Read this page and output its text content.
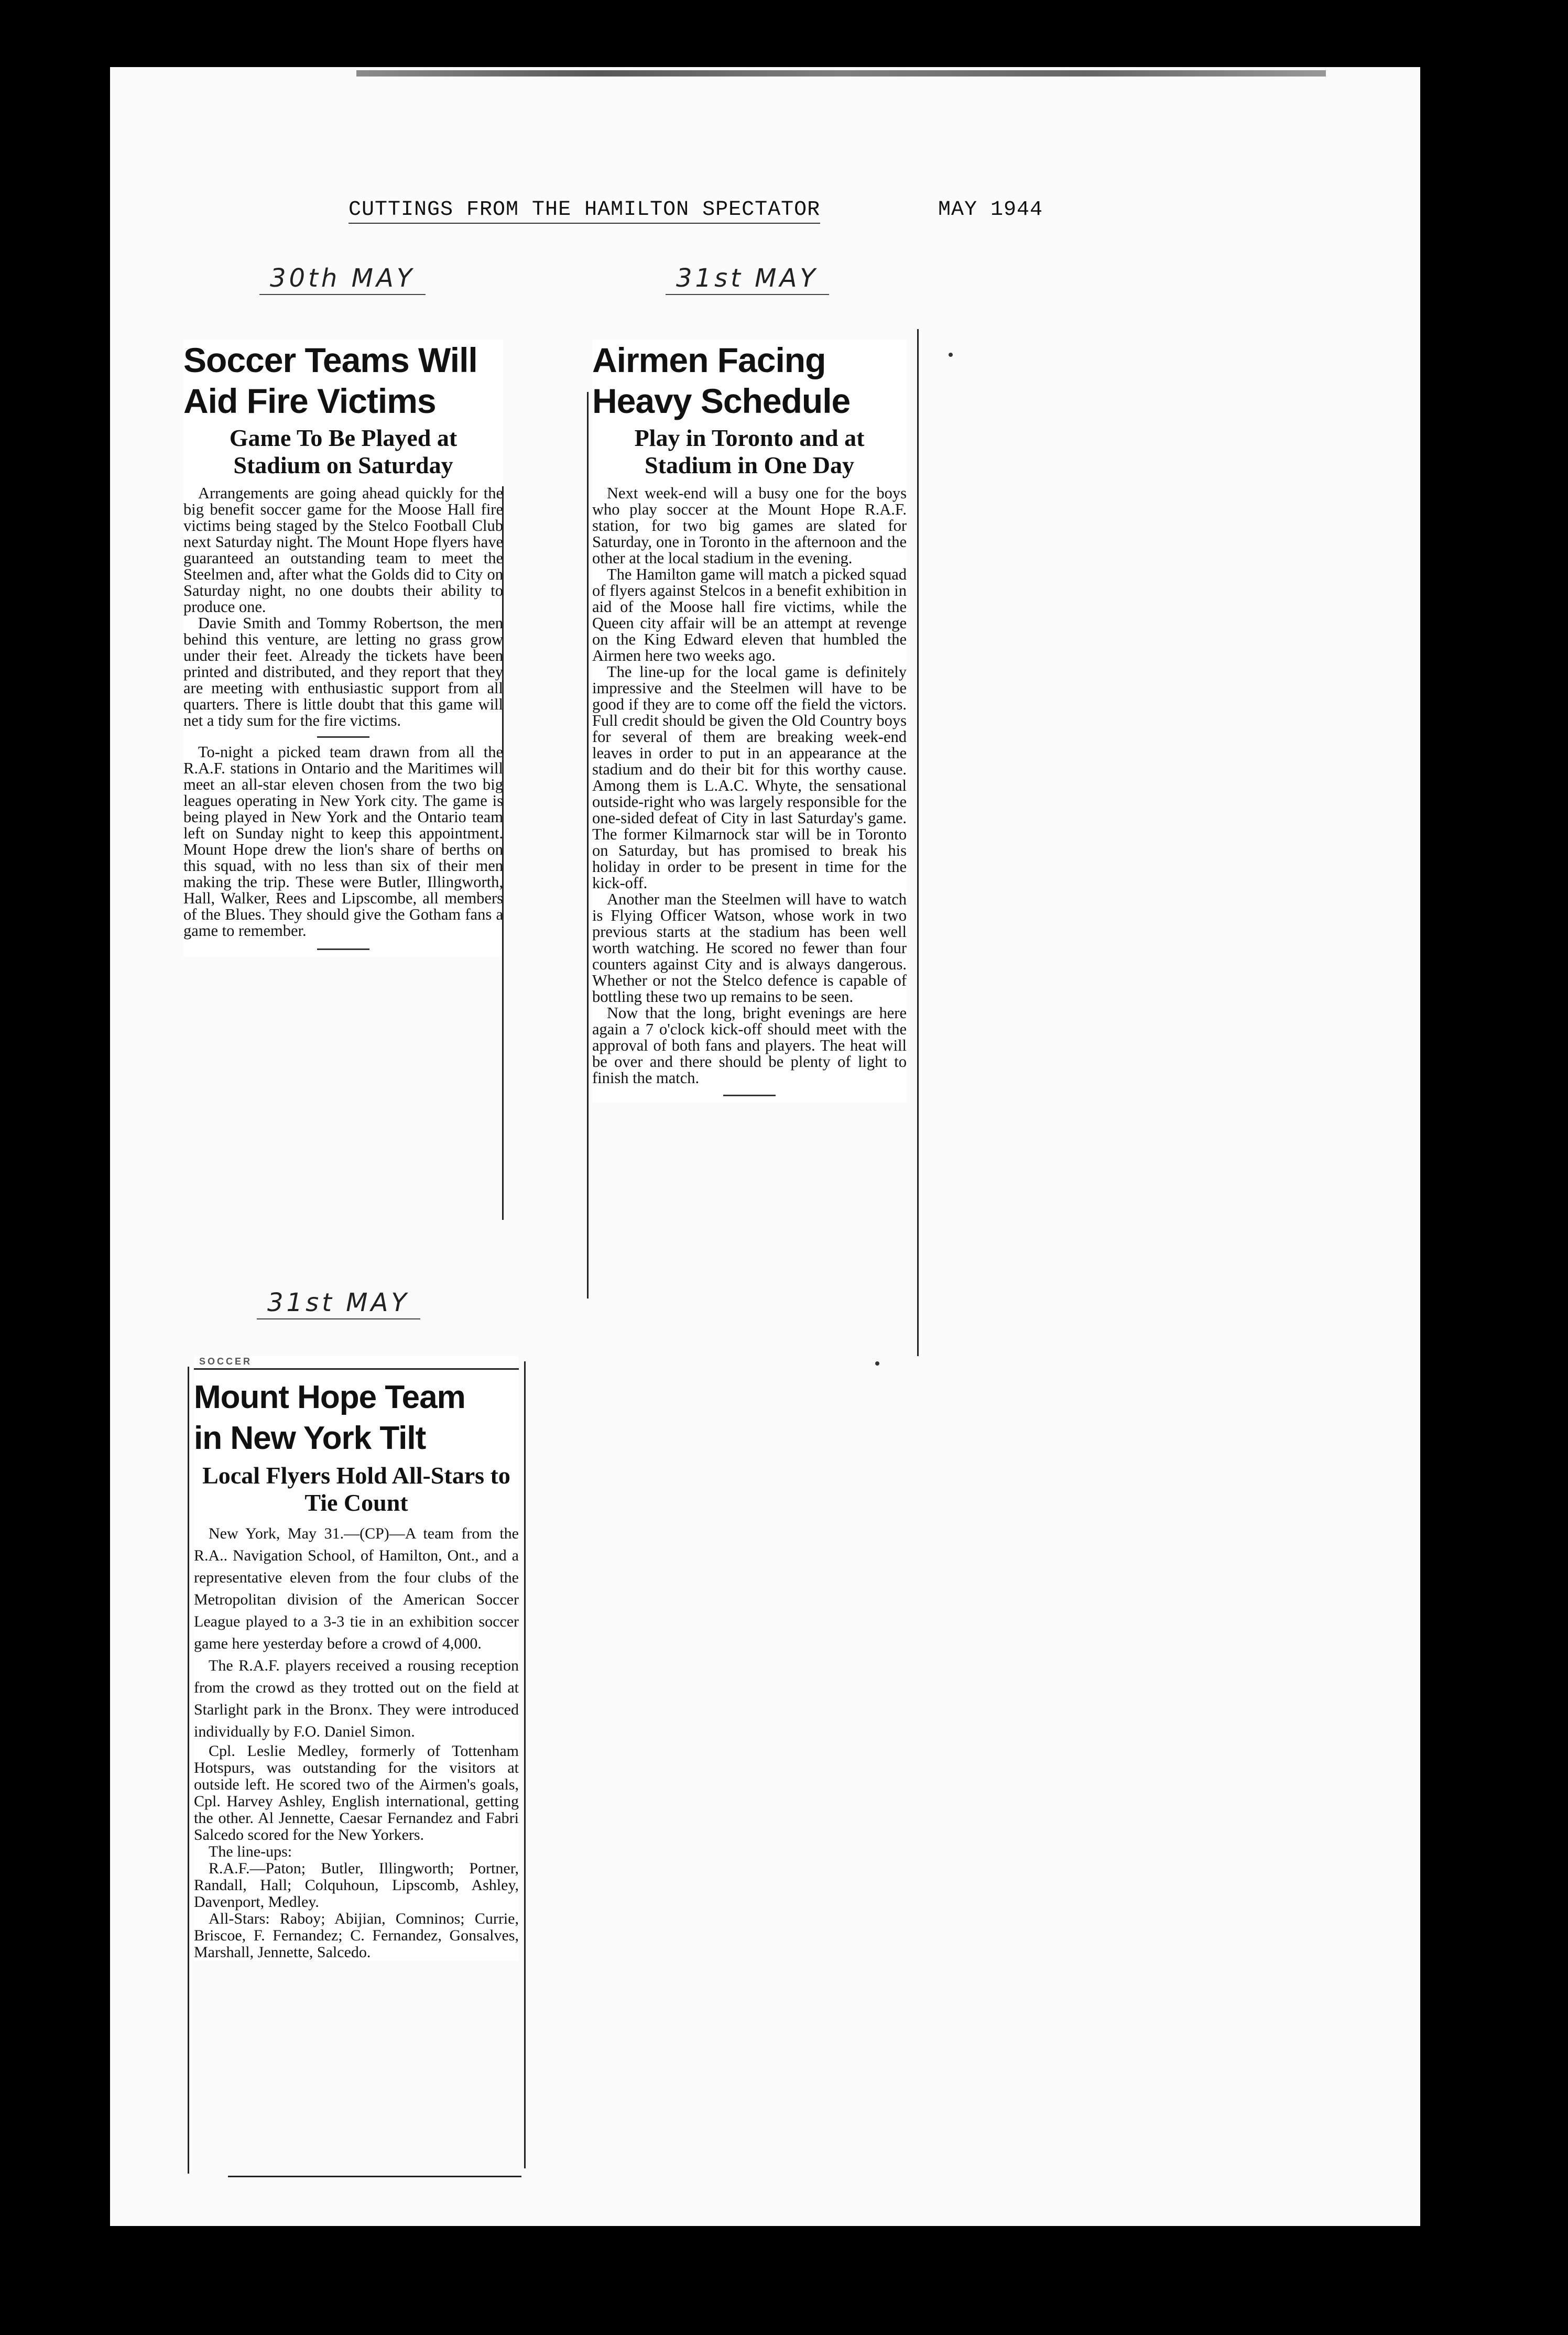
CUTTINGS FROM THE HAMILTON SPECTATOR	MAY 1944
30th MAY	31st MAY
31st MAY
Soccer Teams Will
Aid Fire Victims
Game To Be Played at Stadium on Saturday

Arrangements are going ahead quickly for the big benefit soccer game for the Moose Hall fire victims being staged by the Stelco Football Club next Saturday night. The Mount Hope flyers have guaranteed an outstanding team to meet the Steelmen and, after what the Golds did to City on Saturday night, no one doubts their ability to produce one.

Davie Smith and Tommy Robertson, the men behind this venture, are letting no grass grow under their feet. Already the tickets have been printed and distributed, and they report that they are meeting with enthusiastic support from all quarters. There is little doubt that this game will net a tidy sum for the fire victims.

To-night a picked team drawn from all the R.A.F. stations in Ontario and the Maritimes will meet an all-star eleven chosen from the two big leagues operating in New York city. The game is being played in New York and the Ontario team left on Sunday night to keep this appointment. Mount Hope drew the lion's share of berths on this squad, with no less than six of their men making the trip. These were Butler, Illingworth, Hall, Walker, Rees and Lipscombe, all members of the Blues. They should give the Gotham fans a game to remember.

Airmen Facing
Heavy Schedule
Play in Toronto and at Stadium in One Day

Next week-end will a busy one for the boys who play soccer at the Mount Hope R.A.F. station, for two big games are slated for Saturday, one in Toronto in the afternoon and the other at the local stadium in the evening.

The Hamilton game will match a picked squad of flyers against Stelcos in a benefit exhibition in aid of the Moose hall fire victims, while the Queen city affair will be an attempt at revenge on the King Edward eleven that humbled the Airmen here two weeks ago.

The line-up for the local game is definitely impressive and the Steelmen will have to be good if they are to come off the field the victors. Full credit should be given the Old Country boys for several of them are breaking week-end leaves in order to put in an appearance at the stadium and do their bit for this worthy cause. Among them is L.A.C. Whyte, the sensational outside-right who was largely responsible for the one-sided defeat of City in last Saturday's game. The former Kilmarnock star will be in Toronto on Saturday, but has promised to break his holiday in order to be present in time for the kick-off.

Another man the Steelmen will have to watch is Flying Officer Watson, whose work in two previous starts at the stadium has been well worth watching. He scored no fewer than four counters against City and is always dangerous. Whether or not the Stelco defence is capable of bottling these two up remains to be seen.

Now that the long, bright evenings are here again a 7 o'clock kick-off should meet with the approval of both fans and players. The heat will be over and there should be plenty of light to finish the match.

SOCCER
Mount Hope Team
in New York Tilt
Local Flyers Hold All-Stars to Tie Count

New York, May 31.—(CP)—A team from the R.A.. Navigation School, of Hamilton, Ont., and a representative eleven from the four clubs of the Metropolitan division of the American Soccer League played to a 3-3 tie in an exhibition soccer game here yesterday before a crowd of 4,000.

The R.A.F. players received a rousing reception from the crowd as they trotted out on the field at Starlight park in the Bronx. They were introduced individually by F.O. Daniel Simon.

Cpl. Leslie Medley, formerly of Tottenham Hotspurs, was outstanding for the visitors at outside left. He scored two of the Airmen's goals, Cpl. Harvey Ashley, English international, getting the other. Al Jennette, Caesar Fernandez and Fabri Salcedo scored for the New Yorkers.

The line-ups:

R.A.F.—Paton; Butler, Illingworth; Portner, Randall, Hall; Colquhoun, Lipscomb, Ashley, Davenport, Medley.

All-Stars: Raboy; Abijian, Comninos; Currie, Briscoe, F. Fernandez; C. Fernandez, Gonsalves, Marshall, Jennette, Salcedo.
